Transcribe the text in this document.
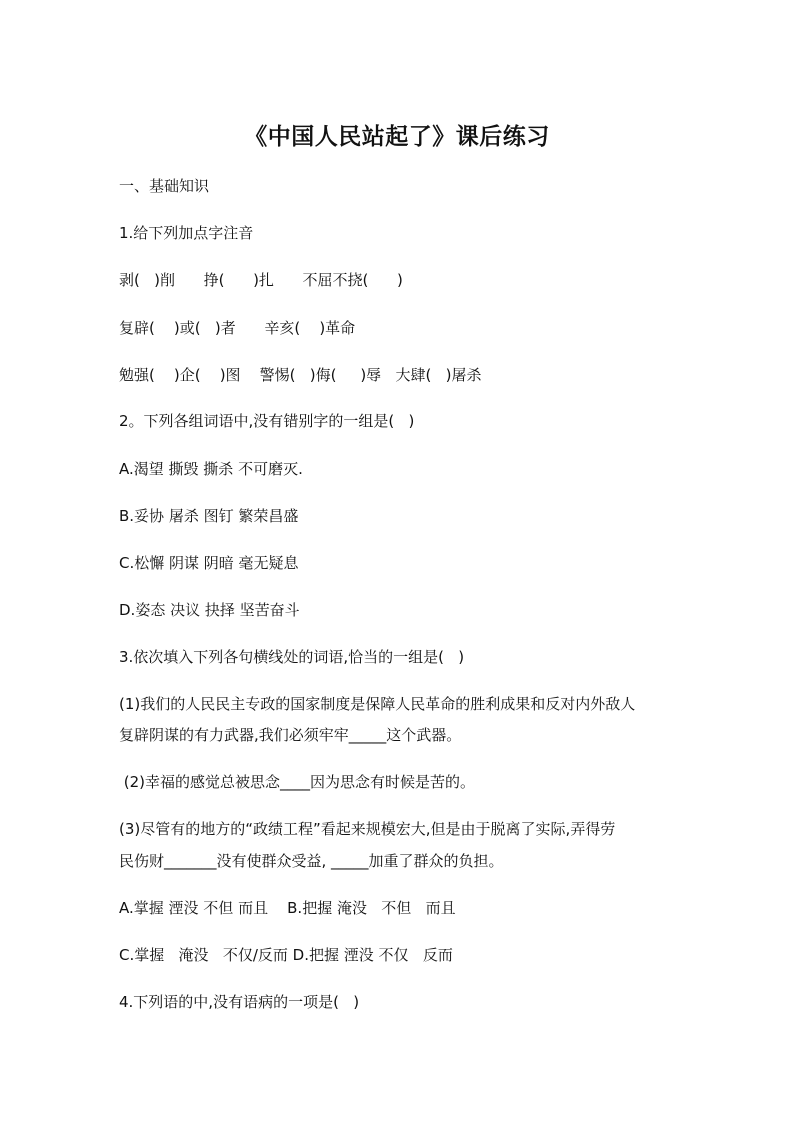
《中国人民站起了》课后练习
一、基础知识
1.给下列加点字注音
剥(   )削      挣(      )扎      不屈不挠(      )
复辟(    )或(   )者      辛亥(    )革命
勉强(    )企(    )图    警惕(   )侮(     )辱   大肆(   )屠杀
2。下列各组词语中,没有错别字的一组是(   )
A.渴望 撕毁 撕杀 不可磨灭.
B.妥协 屠杀 图钉 繁荣昌盛
C.松懈 阴谋 阴暗 毫无疑息
D.姿态 决议 抉择 坚苦奋斗
3.依次填入下列各句横线处的词语,恰当的一组是(   )
(1)我们的人民民主专政的国家制度是保障人民革命的胜利成果和反对内外敌人
复辟阴谋的有力武器,我们必须牢牢_____这个武器。
(2)幸福的感觉总被思念____因为思念有时候是苦的。
(3)尽管有的地方的“政绩工程”看起来规模宏大,但是由于脱离了实际,弄得劳
民伤财_______没有使群众受益, _____加重了群众的负担。
A.掌握 湮没 不但 而且    B.把握 淹没   不但   而且
C.掌握   淹没   不仅/反而 D.把握 湮没 不仅   反而
4.下列语的中,没有语病的一项是(   )
